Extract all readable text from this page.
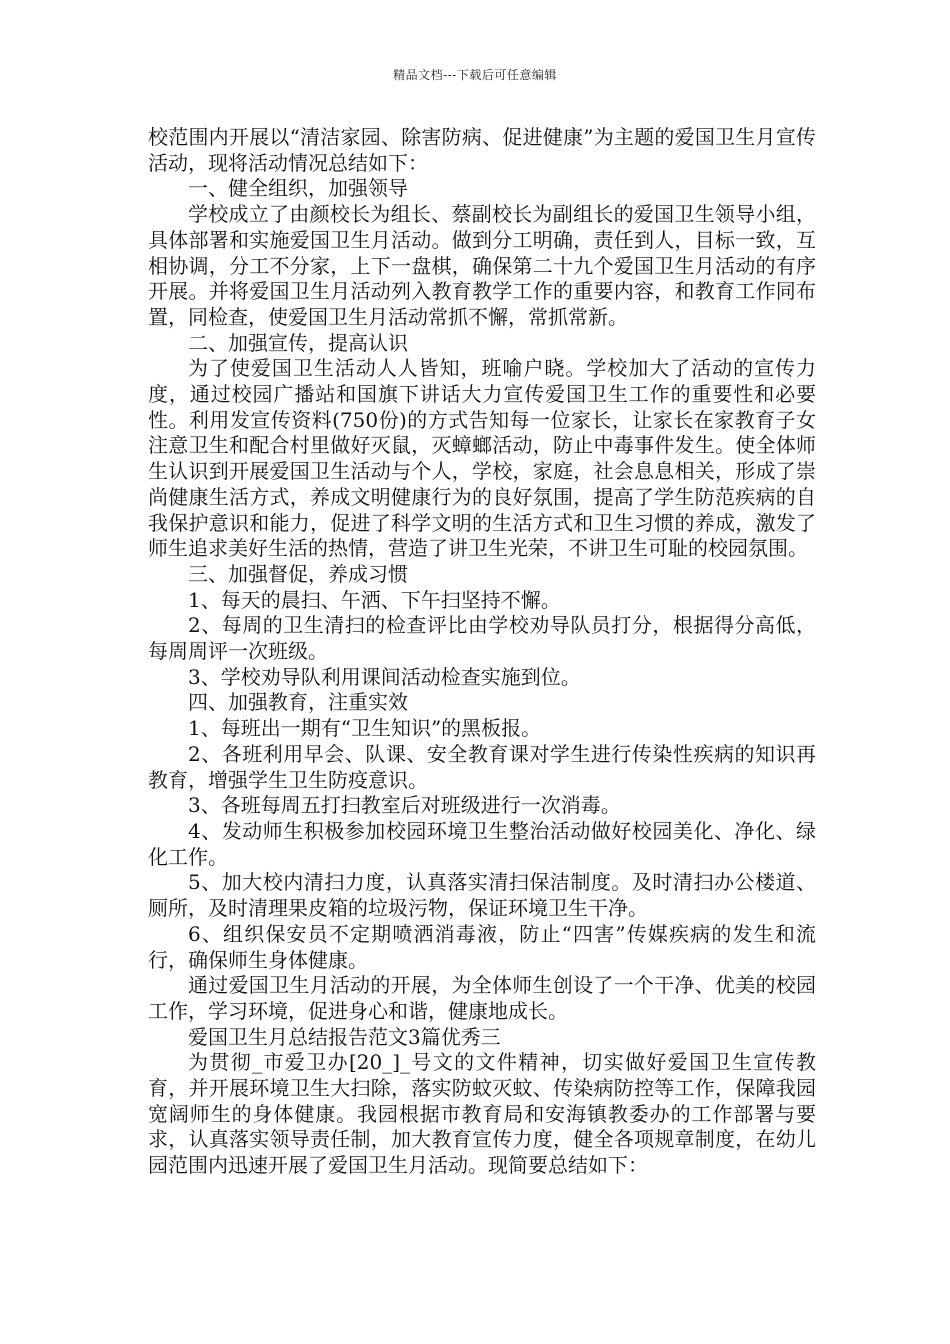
精品文档---下载后可任意编辑

校范围内开展以“清洁家园、除害防病、促进健康”为主题的爱国卫生月宣传活动，现将活动情况总结如下：

一、健全组织，加强领导

学校成立了由颜校长为组长、蔡副校长为副组长的爱国卫生领导小组，具体部署和实施爱国卫生月活动。做到分工明确，责任到人，目标一致，互相协调，分工不分家，上下一盘棋，确保第二十九个爱国卫生月活动的有序开展。并将爱国卫生月活动列入教育教学工作的重要内容，和教育工作同布置，同检查，使爱国卫生月活动常抓不懈，常抓常新。

二、加强宣传，提高认识

为了使爱国卫生活动人人皆知，班喻户晓。学校加大了活动的宣传力度，通过校园广播站和国旗下讲话大力宣传爱国卫生工作的重要性和必要性。利用发宣传资料(750份)的方式告知每一位家长，让家长在家教育子女注意卫生和配合村里做好灭鼠，灭蟑螂活动，防止中毒事件发生。使全体师生认识到开展爱国卫生活动与个人，学校，家庭，社会息息相关，形成了崇尚健康生活方式，养成文明健康行为的良好氛围，提高了学生防范疾病的自我保护意识和能力，促进了科学文明的生活方式和卫生习惯的养成，激发了师生追求美好生活的热情，营造了讲卫生光荣，不讲卫生可耻的校园氛围。

三、加强督促，养成习惯

1、每天的晨扫、午洒、下午扫坚持不懈。

2、每周的卫生清扫的检查评比由学校劝导队员打分，根据得分高低，每周周评一次班级。

3、学校劝导队利用课间活动检查实施到位。

四、加强教育，注重实效

1、每班出一期有“卫生知识”的黑板报。

2、各班利用早会、队课、安全教育课对学生进行传染性疾病的知识再教育，增强学生卫生防疫意识。

3、各班每周五打扫教室后对班级进行一次消毒。

4、发动师生积极参加校园环境卫生整治活动做好校园美化、净化、绿化工作。

5、加大校内清扫力度，认真落实清扫保洁制度。及时清扫办公楼道、厕所，及时清理果皮箱的垃圾污物，保证环境卫生干净。

6、组织保安员不定期喷洒消毒液，防止“四害”传媒疾病的发生和流行，确保师生身体健康。

通过爱国卫生月活动的开展，为全体师生创设了一个干净、优美的校园工作，学习环境，促进身心和谐，健康地成长。

爱国卫生月总结报告范文3篇优秀三

为贯彻_市爱卫办[20_]_号文的文件精神，切实做好爱国卫生宣传教育，并开展环境卫生大扫除，落实防蚊灭蚊、传染病防控等工作，保障我园宽阔师生的身体健康。我园根据市教育局和安海镇教委办的工作部署与要求，认真落实领导责任制，加大教育宣传力度，健全各项规章制度，在幼儿园范围内迅速开展了爱国卫生月活动。现简要总结如下：
